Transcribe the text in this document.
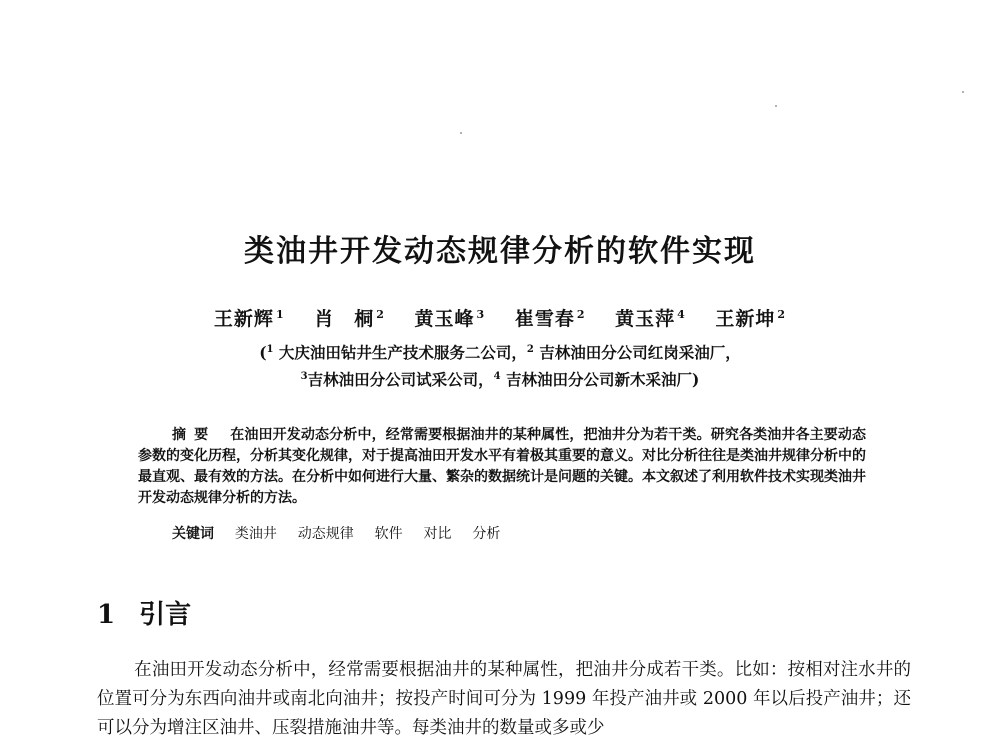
类油井开发动态规律分析的软件实现
王新辉 $^1$ 肖　桐 $^2$ 黄玉峰 $^3$ 崔雪春 $^2$ 黄玉萍 $^4$ 王新坤 $^2$
($^1$ 大庆油田钻井生产技术服务二公司，$^2$ 吉林油田分公司红岗采油厂，
$^3$吉林油田分公司试采公司，$^4$ 吉林油田分公司新木采油厂)
摘要 在油田开发动态分析中，经常需要根据油井的某种属性，把油井分为若干类。研究各类油井各主要动态参数的变化历程，分析其变化规律，对于提高油田开发水平有着极其重要的意义。对比分析往往是类油井规律分析中的最直观、最有效的方法。在分析中如何进行大量、繁杂的数据统计是问题的关键。本文叙述了利用软件技术实现类油井开发动态规律分析的方法。
关键词 类油井 动态规律 软件 对比 分析
1 引言
在油田开发动态分析中，经常需要根据油井的某种属性，把油井分成若干类。比如：按相对注水井的位置可分为东西向油井或南北向油井；按投产时间可分为 1999 年投产油井或 2000 年以后投产油井；还可以分为增注区油井、压裂措施油井等。每类油井的数量或多或少
